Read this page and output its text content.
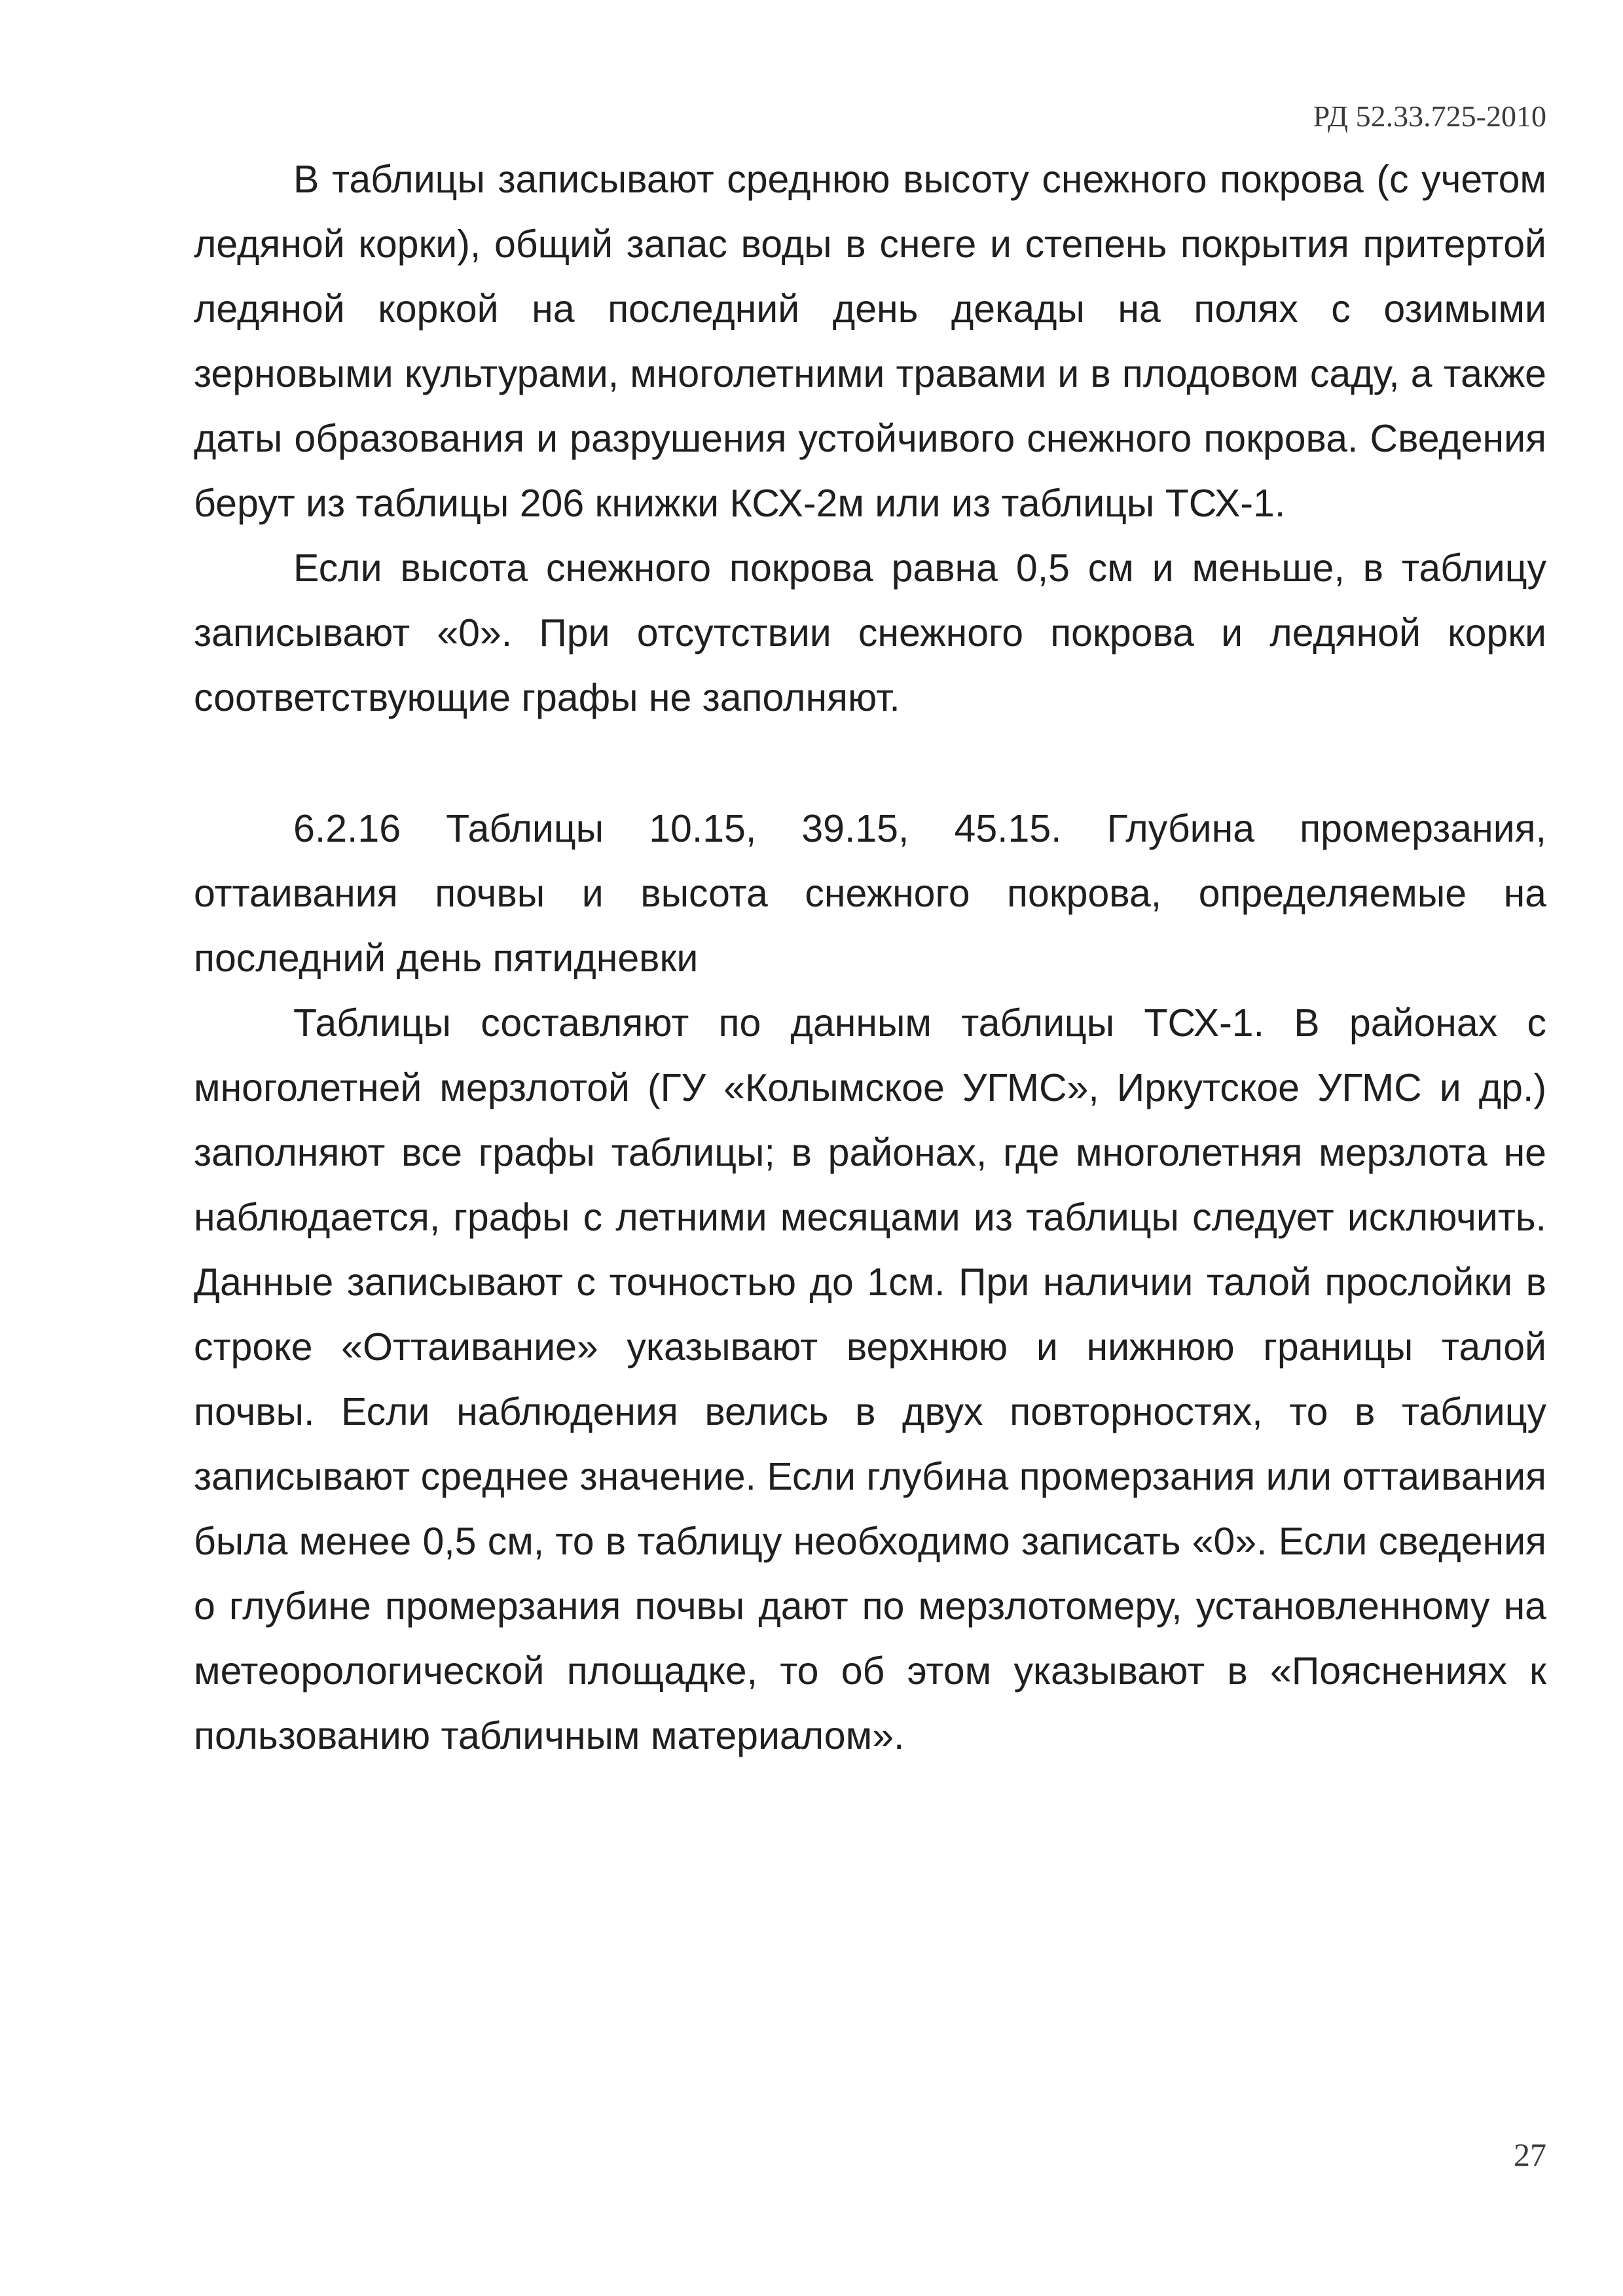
РД 52.33.725-2010

В таблицы записывают среднюю высоту снежного покрова (с учетом ледяной корки), общий запас воды в снеге и степень покрытия притертой ледяной коркой на последний день декады на полях с озимыми зерновыми культурами, многолетними травами и в плодовом саду, а также даты образования и разрушения устойчивого снежного покрова. Сведения берут из таблицы 206 книжки КСХ-2м или из таблицы ТСХ-1.

Если высота снежного покрова равна 0,5 см и меньше, в таблицу записывают «0». При отсутствии снежного покрова и ледяной корки соответствующие графы не заполняют.

6.2.16 Таблицы 10.15, 39.15, 45.15. Глубина промерзания, оттаивания почвы и высота снежного покрова, определяемые на последний день пятидневки

Таблицы составляют по данным таблицы ТСХ-1. В районах с многолетней мерзлотой (ГУ «Колымское УГМС», Иркутское УГМС и др.) заполняют все графы таблицы; в районах, где многолетняя мерзлота не наблюдается, графы с летними месяцами из таблицы следует исключить. Данные записывают с точностью до 1см. При наличии талой прослойки в строке «Оттаивание» указывают верхнюю и нижнюю границы талой почвы. Если наблюдения велись в двух повторностях, то в таблицу записывают среднее значение. Если глубина промерзания или оттаивания была менее 0,5 см, то в таблицу необходимо записать «0». Если сведения о глубине промерзания почвы дают по мерзлотомеру, установленному на метеорологической площадке, то об этом указывают в «Пояснениях к пользованию табличным материалом».

27
